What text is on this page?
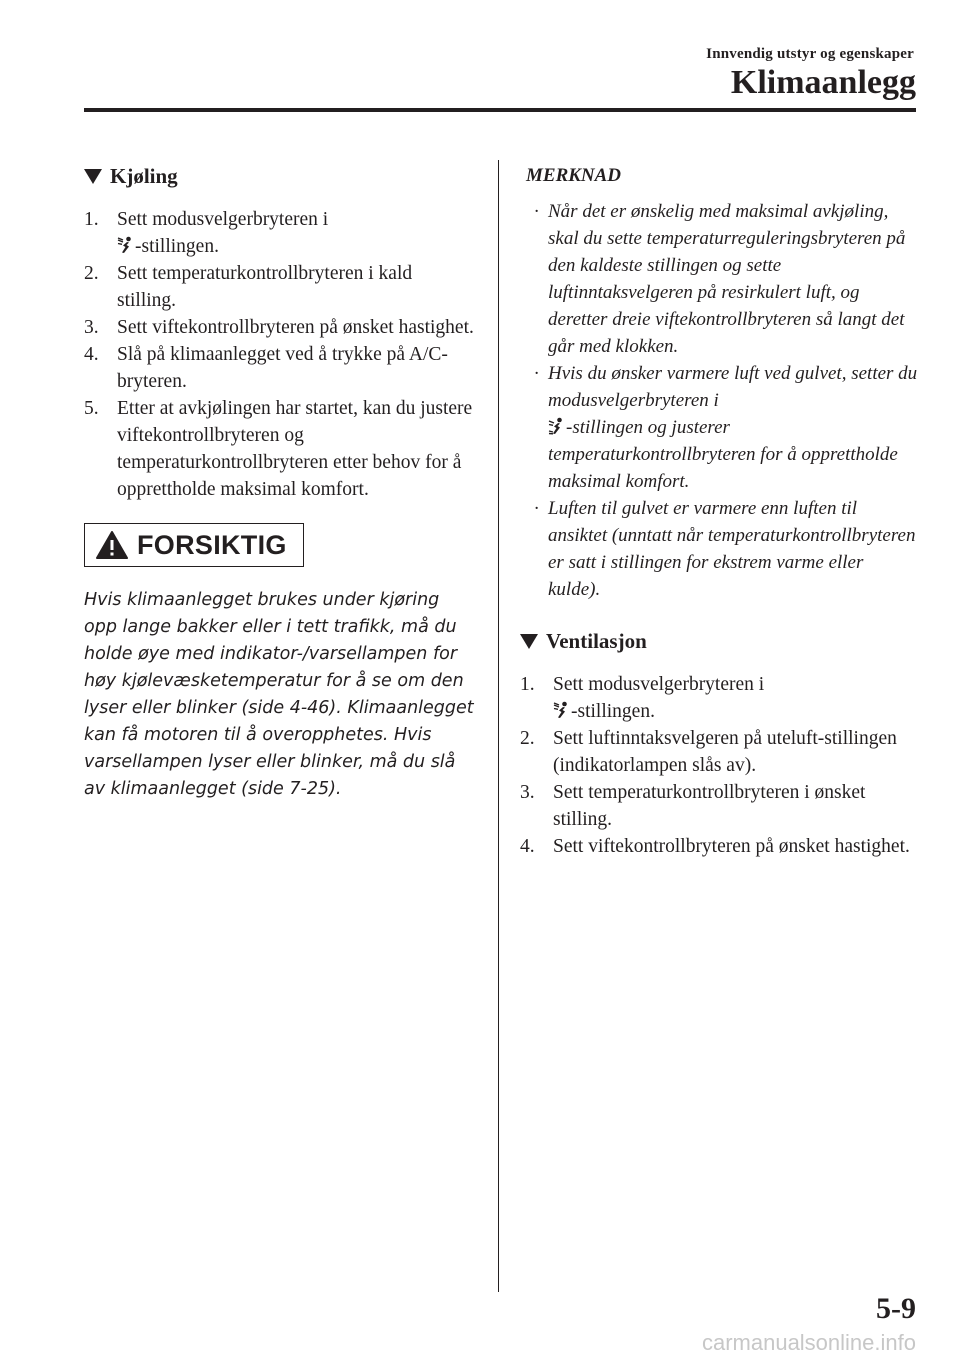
Innvendig utstyr og egenskaper
Klimaanlegg
Kjøling
1. Sett modusvelgerbryteren i
-stillingen.
2. Sett temperaturkontrollbryteren i kald stilling.
3. Sett viftekontrollbryteren på ønsket hastighet.
4. Slå på klimaanlegget ved å trykke på A/C-bryteren.
5. Etter at avkjølingen har startet, kan du justere viftekontrollbryteren og temperaturkontrollbryteren etter behov for å opprettholde maksimal komfort.
FORSIKTIG
Hvis klimaanlegget brukes under kjøring opp lange bakker eller i tett trafikk, må du holde øye med indikator-/varsellampen for høy kjølevæsketemperatur for å se om den lyser eller blinker (side 4-46). Klimaanlegget kan få motoren til å overopphetes. Hvis varsellampen lyser eller blinker, må du slå av klimaanlegget (side 7-25).
MERKNAD
· Når det er ønskelig med maksimal avkjøling, skal du sette temperaturreguleringsbryteren på den kaldeste stillingen og sette luftinntaksvelgeren på resirkulert luft, og deretter dreie viftekontrollbryteren så langt det går med klokken.
· Hvis du ønsker varmere luft ved gulvet, setter du modusvelgerbryteren i
-stillingen og justerer temperaturkontrollbryteren for å opprettholde maksimal komfort.
· Luften til gulvet er varmere enn luften til ansiktet (unntatt når temperaturkontrollbryteren er satt i stillingen for ekstrem varme eller kulde).
Ventilasjon
1. Sett modusvelgerbryteren i
-stillingen.
2. Sett luftinntaksvelgeren på uteluft-stillingen (indikatorlampen slås av).
3. Sett temperaturkontrollbryteren i ønsket stilling.
4. Sett viftekontrollbryteren på ønsket hastighet.
5-9
carmanualsonline.info
